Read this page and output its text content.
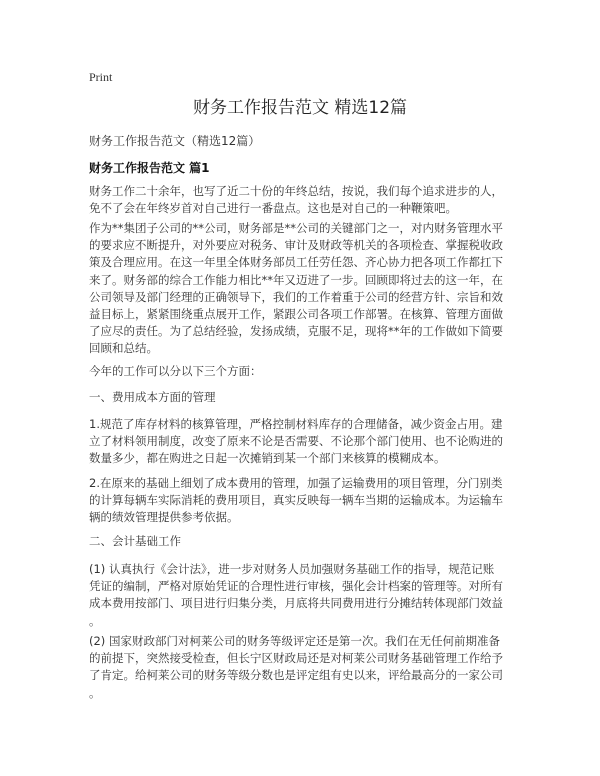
Print
财务工作报告范文 精选12篇
财务工作报告范文（精选12篇）
财务工作报告范文 篇1
财务工作二十余年，也写了近二十份的年终总结，按说，我们每个追求进步的人，
免不了会在年终岁首对自己进行一番盘点。这也是对自己的一种鞭策吧。
作为**集团子公司的**公司，财务部是**公司的关键部门之一，对内财务管理水平
的要求应不断提升，对外要应对税务、审计及财政等机关的各项检查、掌握税收政
策及合理应用。在这一年里全体财务部员工任劳任怨、齐心协力把各项工作都扛下
来了。财务部的综合工作能力相比**年又迈进了一步。回顾即将过去的这一年，在
公司领导及部门经理的正确领导下，我们的工作着重于公司的经营方针、宗旨和效
益目标上，紧紧围绕重点展开工作，紧跟公司各项工作部署。在核算、管理方面做
了应尽的责任。为了总结经验，发扬成绩，克服不足，现将**年的工作做如下简要
回顾和总结。
今年的工作可以分以下三个方面：
一、费用成本方面的管理
1.规范了库存材料的核算管理，严格控制材料库存的合理储备，减少资金占用。建
立了材料领用制度，改变了原来不论是否需要、不论那个部门使用、也不论购进的
数量多少，都在购进之日起一次摊销到某一个部门来核算的模糊成本。
2.在原来的基础上细划了成本费用的管理，加强了运输费用的项目管理，分门别类
的计算每辆车实际消耗的费用项目，真实反映每一辆车当期的运输成本。为运输车
辆的绩效管理提供参考依据。
二、会计基础工作
(1) 认真执行《会计法》，进一步对财务人员加强财务基础工作的指导，规范记账
凭证的编制，严格对原始凭证的合理性进行审核，强化会计档案的管理等。对所有
成本费用按部门、项目进行归集分类，月底将共同费用进行分摊结转体现部门效益
。
(2) 国家财政部门对柯莱公司的财务等级评定还是第一次。我们在无任何前期准备
的前提下，突然接受检查，但长宁区财政局还是对柯莱公司财务基础管理工作给予
了肯定。给柯莱公司的财务等级分数也是评定组有史以来，评给最高分的一家公司
。
